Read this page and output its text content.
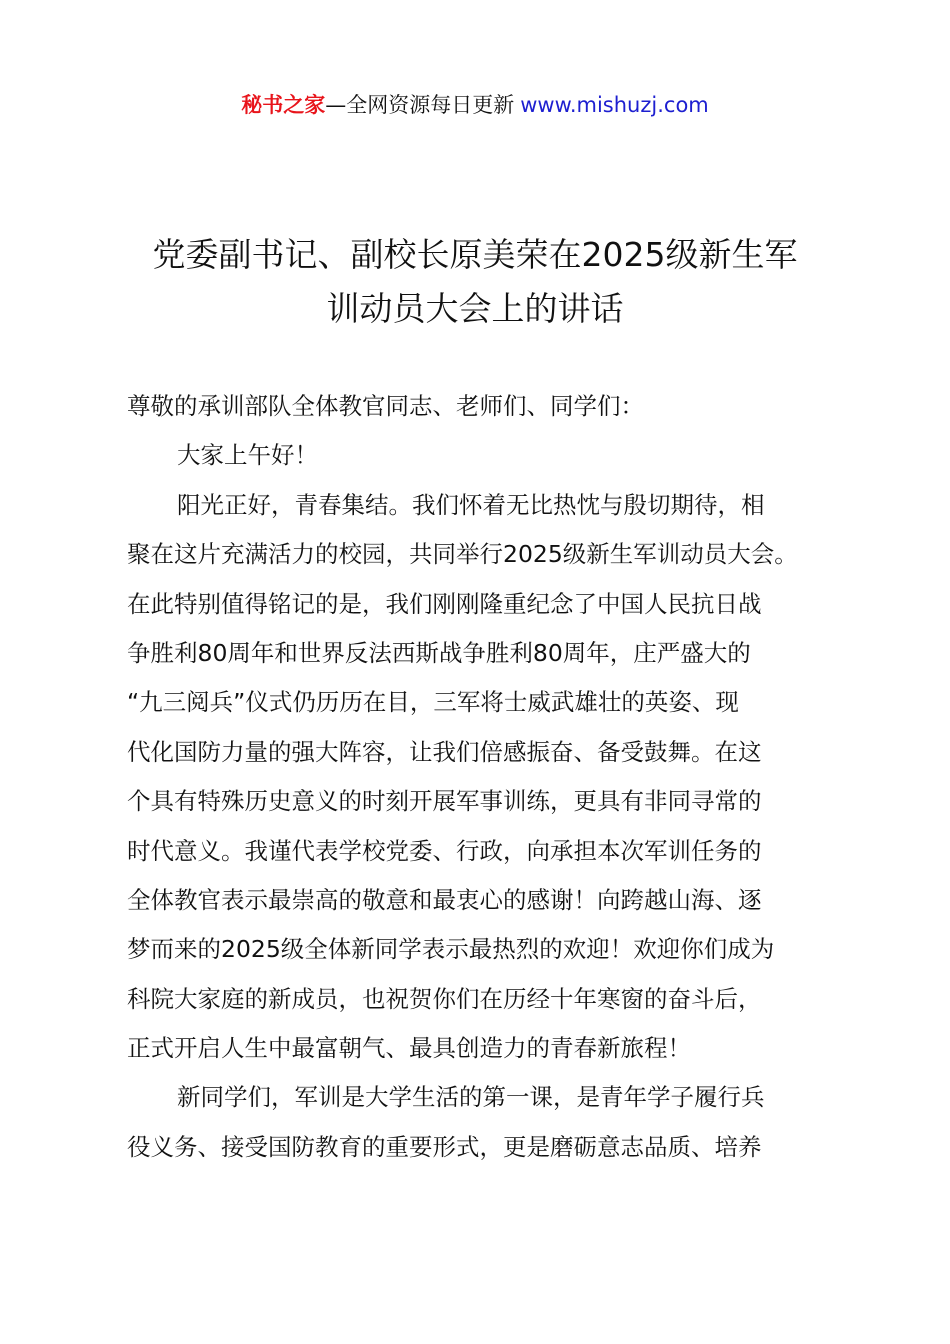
秘书之家—全网资源每日更新 www.mishuzj.com
党委副书记、副校长原美荣在2025级新生军
训动员大会上的讲话
尊敬的承训部队全体教官同志、老师们、同学们：
大家上午好！
阳光正好，青春集结。我们怀着无比热忱与殷切期待，相
聚在这片充满活力的校园，共同举行2025级新生军训动员大会。
在此特别值得铭记的是，我们刚刚隆重纪念了中国人民抗日战
争胜利80周年和世界反法西斯战争胜利80周年，庄严盛大的
“九三阅兵”仪式仍历历在目，三军将士威武雄壮的英姿、现
代化国防力量的强大阵容，让我们倍感振奋、备受鼓舞。在这
个具有特殊历史意义的时刻开展军事训练，更具有非同寻常的
时代意义。我谨代表学校党委、行政，向承担本次军训任务的
全体教官表示最崇高的敬意和最衷心的感谢！向跨越山海、逐
梦而来的2025级全体新同学表示最热烈的欢迎！欢迎你们成为
科院大家庭的新成员，也祝贺你们在历经十年寒窗的奋斗后，
正式开启人生中最富朝气、最具创造力的青春新旅程！
新同学们，军训是大学生活的第一课，是青年学子履行兵
役义务、接受国防教育的重要形式，更是磨砺意志品质、培养
